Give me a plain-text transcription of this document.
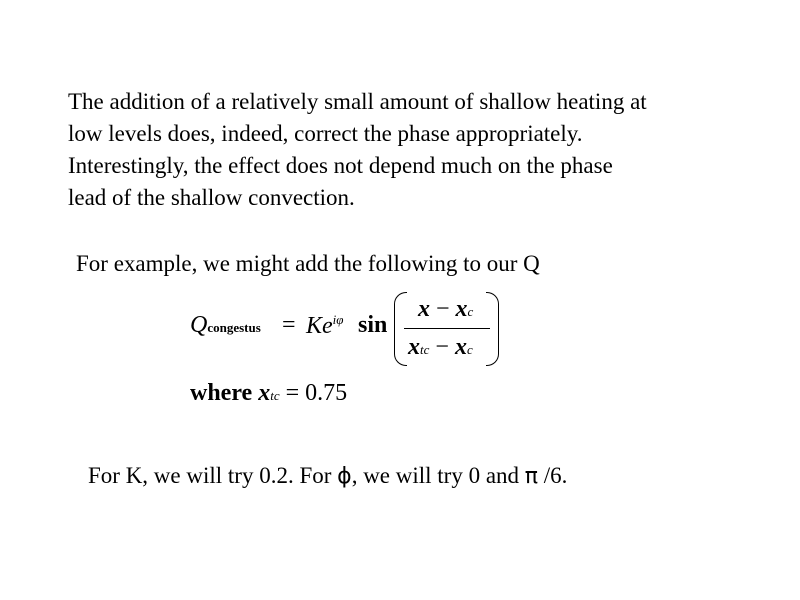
The addition of a relatively small amount of shallow heating at
low levels does, indeed, correct the phase appropriately.
Interestingly, the effect does not depend much on the phase
lead of the shallow convection.
For example, we might add the following to our Q
Qcongestus = $Ke^{i\varphi}$ sin
x − xc
xtc − xc
where xtc = 0.75
For K, we will try 0.2. For ϕ, we will try 0 and π /6.
